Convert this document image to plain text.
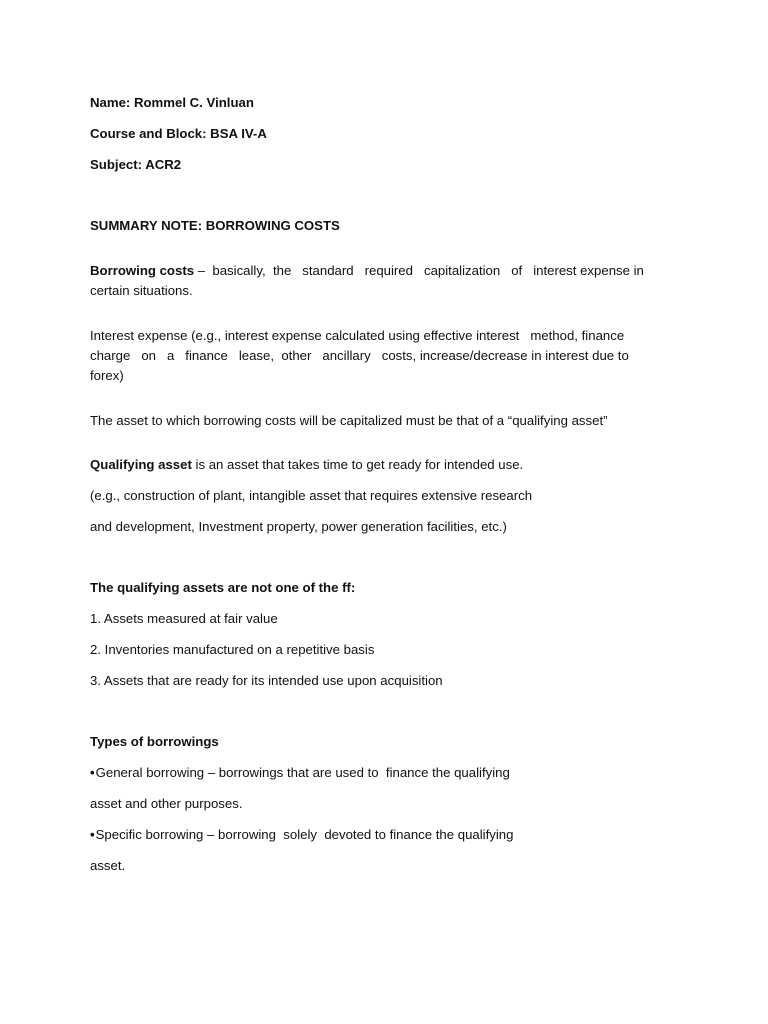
Name: Rommel C. Vinluan

Course and Block: BSA IV-A

Subject: ACR2

SUMMARY NOTE: BORROWING COSTS

Borrowing costs –  basically,  the   standard   required   capitalization   of   interest expense in

certain situations.

Interest expense (e.g., interest expense calculated using effective interest   method, finance

charge   on   a   finance   lease,  other   ancillary   costs, increase/decrease in interest due to

forex)

The asset to which borrowing costs will be capitalized must be that of a “qualifying asset”

Qualifying asset is an asset that takes time to get ready for intended use.

(e.g., construction of plant, intangible asset that requires extensive research

and development, Investment property, power generation facilities, etc.)

The qualifying assets are not one of the ff:

1. Assets measured at fair value

2. Inventories manufactured on a repetitive basis

3. Assets that are ready for its intended use upon acquisition

Types of borrowings

•General borrowing – borrowings that are used to  finance the qualifying

asset and other purposes.

•Specific borrowing – borrowing  solely  devoted to finance the qualifying

asset.
